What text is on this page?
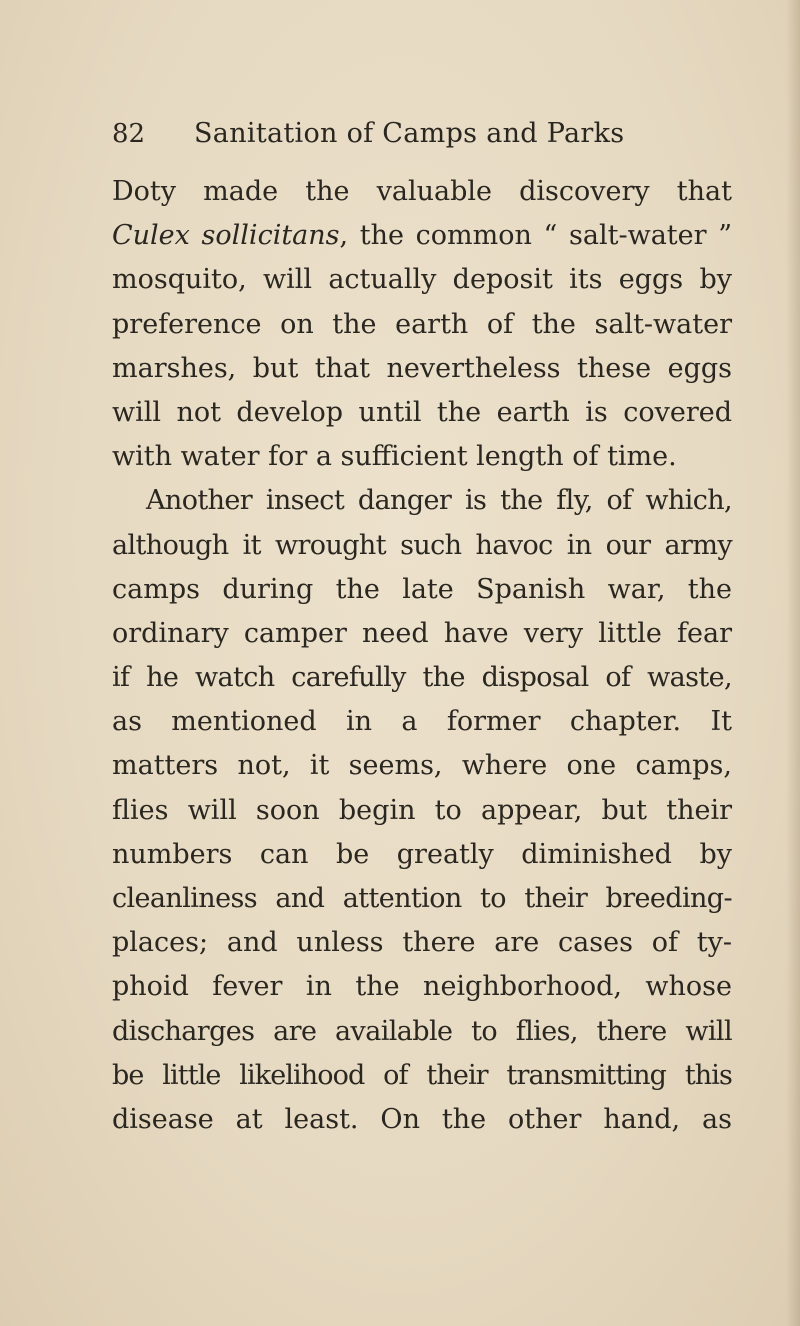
82 Sanitation of Camps and Parks
Doty made the valuable discovery that
Culex sollicitans, the common “ salt-water ”
mosquito, will actually deposit its eggs by
preference on the earth of the salt-water
marshes, but that nevertheless these eggs
will not develop until the earth is covered
with water for a sufficient length of time.
Another insect danger is the fly, of which,
although it wrought such havoc in our army
camps during the late Spanish war, the
ordinary camper need have very little fear
if he watch carefully the disposal of waste,
as mentioned in a former chapter. It
matters not, it seems, where one camps,
flies will soon begin to appear, but their
numbers can be greatly diminished by
cleanliness and attention to their breeding-
places; and unless there are cases of ty-
phoid fever in the neighborhood, whose
discharges are available to flies, there will
be little likelihood of their transmitting this
disease at least. On the other hand, as
